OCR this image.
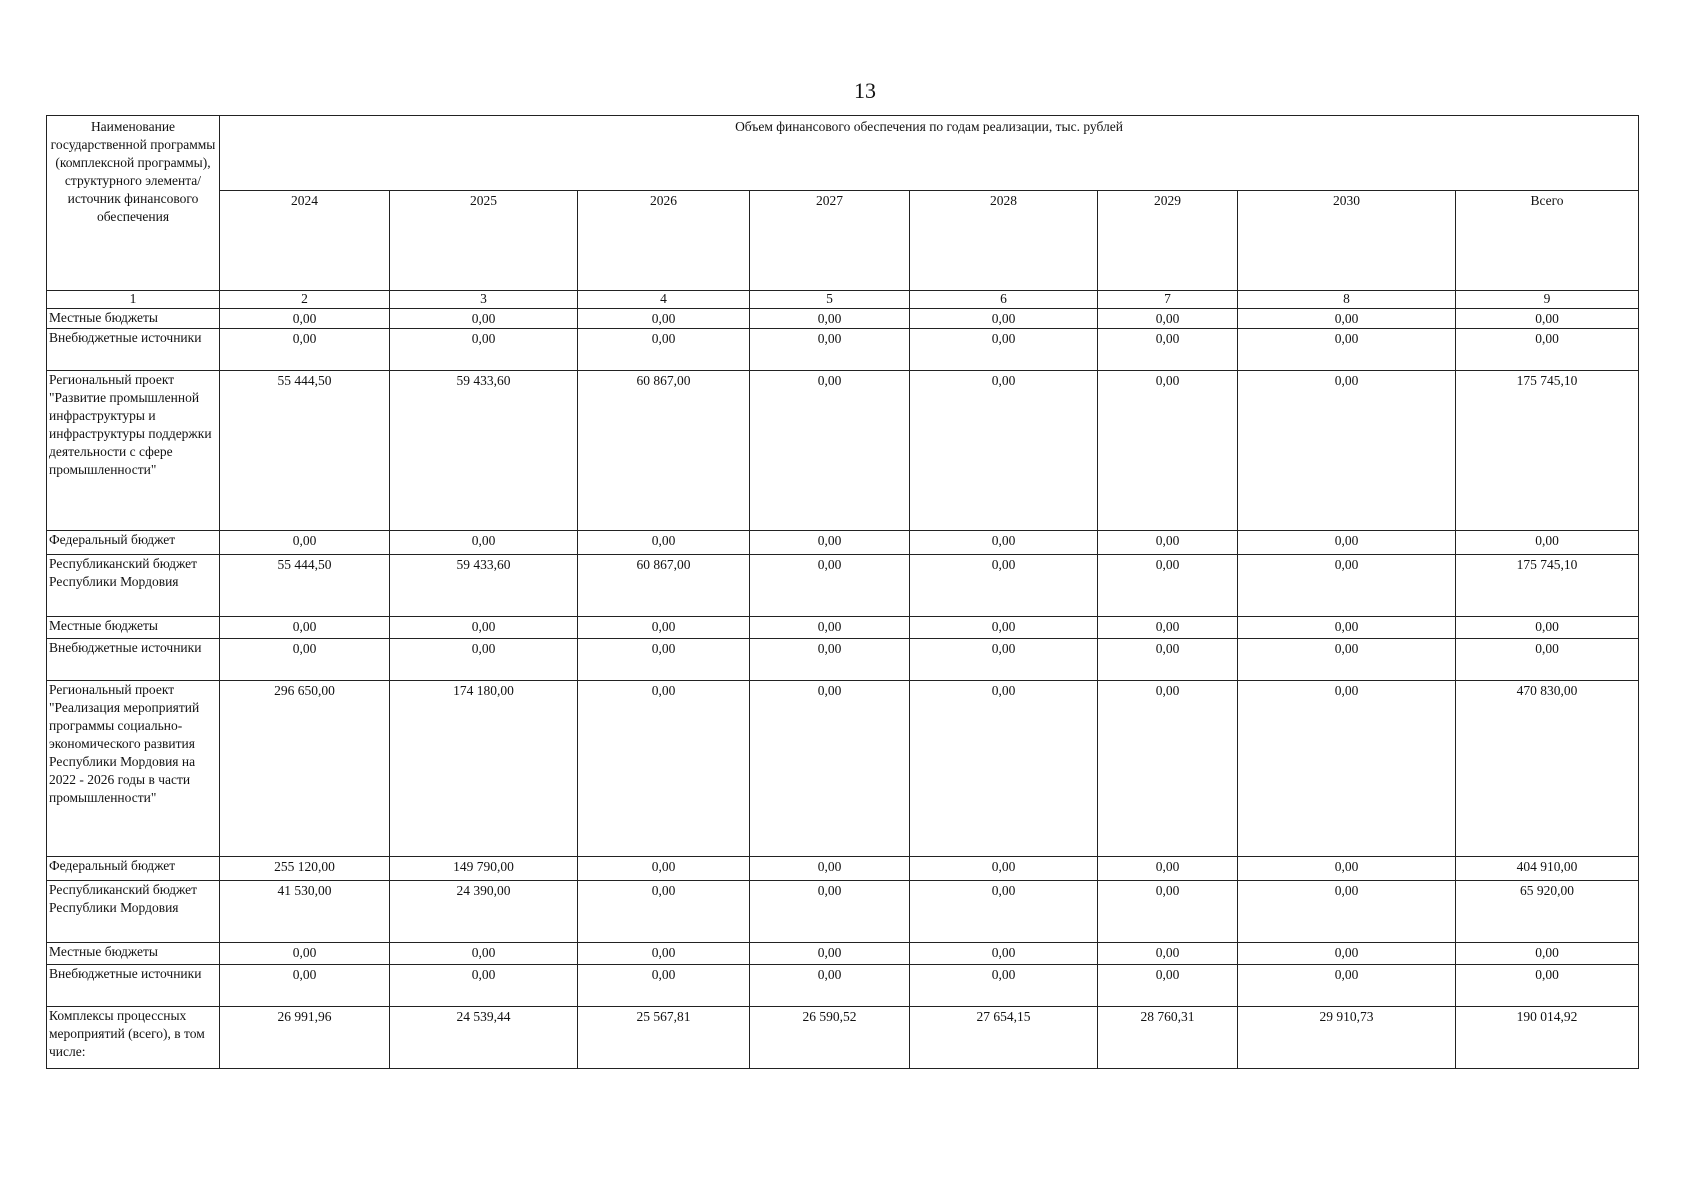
13
Наименование государственной программы (комплексной программы), структурного элемента/источник финансового обеспечения	Объем финансового обеспечения по годам реализации, тыс. рублей							
	2024	2025	2026	2027	2028	2029	2030	Всего
1	2	3	4	5	6	7	8	9
Местные бюджеты	0,00	0,00	0,00	0,00	0,00	0,00	0,00	0,00
Внебюджетные источники	0,00	0,00	0,00	0,00	0,00	0,00	0,00	0,00
Региональный проект "Развитие промышленной инфраструктуры и инфраструктуры поддержки деятельности с сфере промышленности"	55 444,50	59 433,60	60 867,00	0,00	0,00	0,00	0,00	175 745,10
Федеральный бюджет	0,00	0,00	0,00	0,00	0,00	0,00	0,00	0,00
Республиканский бюджет Республики Мордовия	55 444,50	59 433,60	60 867,00	0,00	0,00	0,00	0,00	175 745,10
Местные бюджеты	0,00	0,00	0,00	0,00	0,00	0,00	0,00	0,00
Внебюджетные источники	0,00	0,00	0,00	0,00	0,00	0,00	0,00	0,00
Региональный проект "Реализация мероприятий программы социально-экономического развития Республики Мордовия на 2022 - 2026 годы в части промышленности"	296 650,00	174 180,00	0,00	0,00	0,00	0,00	0,00	470 830,00
Федеральный бюджет	255 120,00	149 790,00	0,00	0,00	0,00	0,00	0,00	404 910,00
Республиканский бюджет Республики Мордовия	41 530,00	24 390,00	0,00	0,00	0,00	0,00	0,00	65 920,00
Местные бюджеты	0,00	0,00	0,00	0,00	0,00	0,00	0,00	0,00
Внебюджетные источники	0,00	0,00	0,00	0,00	0,00	0,00	0,00	0,00
Комплексы процессных мероприятий (всего), в том числе:	26 991,96	24 539,44	25 567,81	26 590,52	27 654,15	28 760,31	29 910,73	190 014,92
